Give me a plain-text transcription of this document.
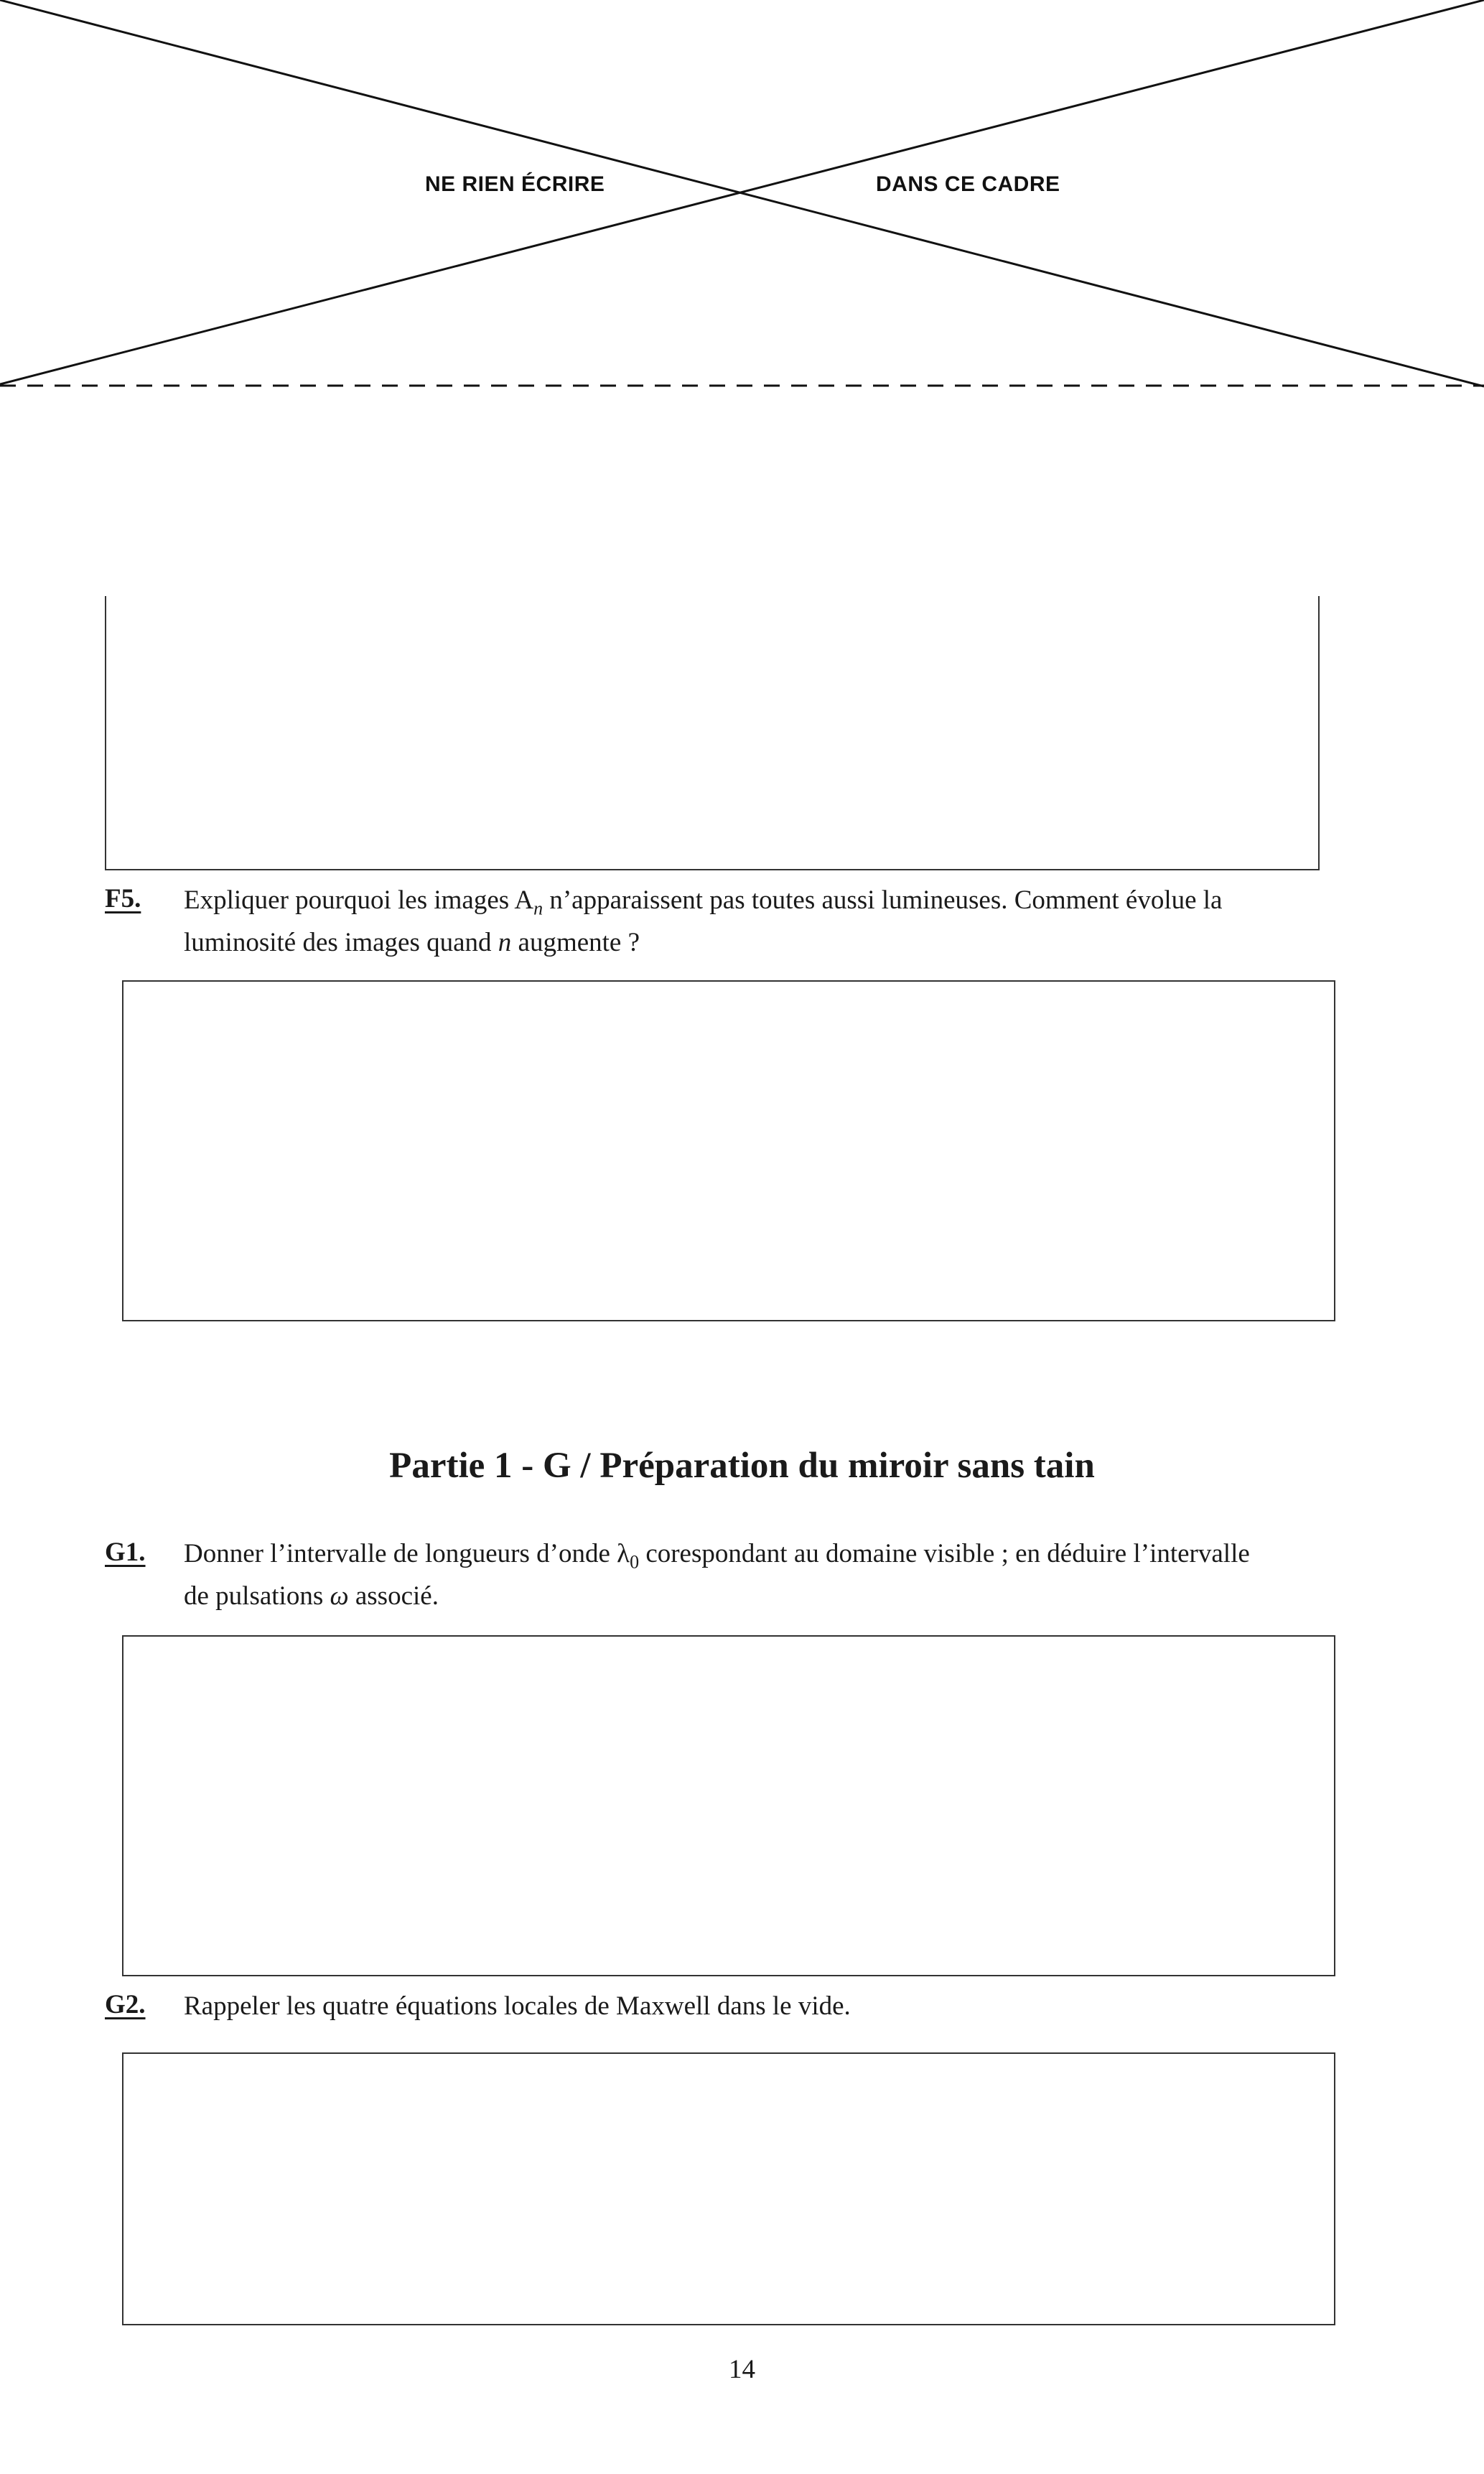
NE RIEN ÉCRIRE	DANS CE CADRE
F5. Expliquer pourquoi les images $A_n$ n’apparaissent pas toutes aussi lumineuses. Comment évolue la
luminosité des images quand n augmente ?
Partie 1 - G / Préparation du miroir sans tain
G1. Donner l’intervalle de longueurs d’onde $\lambda_0$ corespondant au domaine visible ; en déduire l’intervalle
de pulsations ω associé.
G2. Rappeler les quatre équations locales de Maxwell dans le vide.
14
